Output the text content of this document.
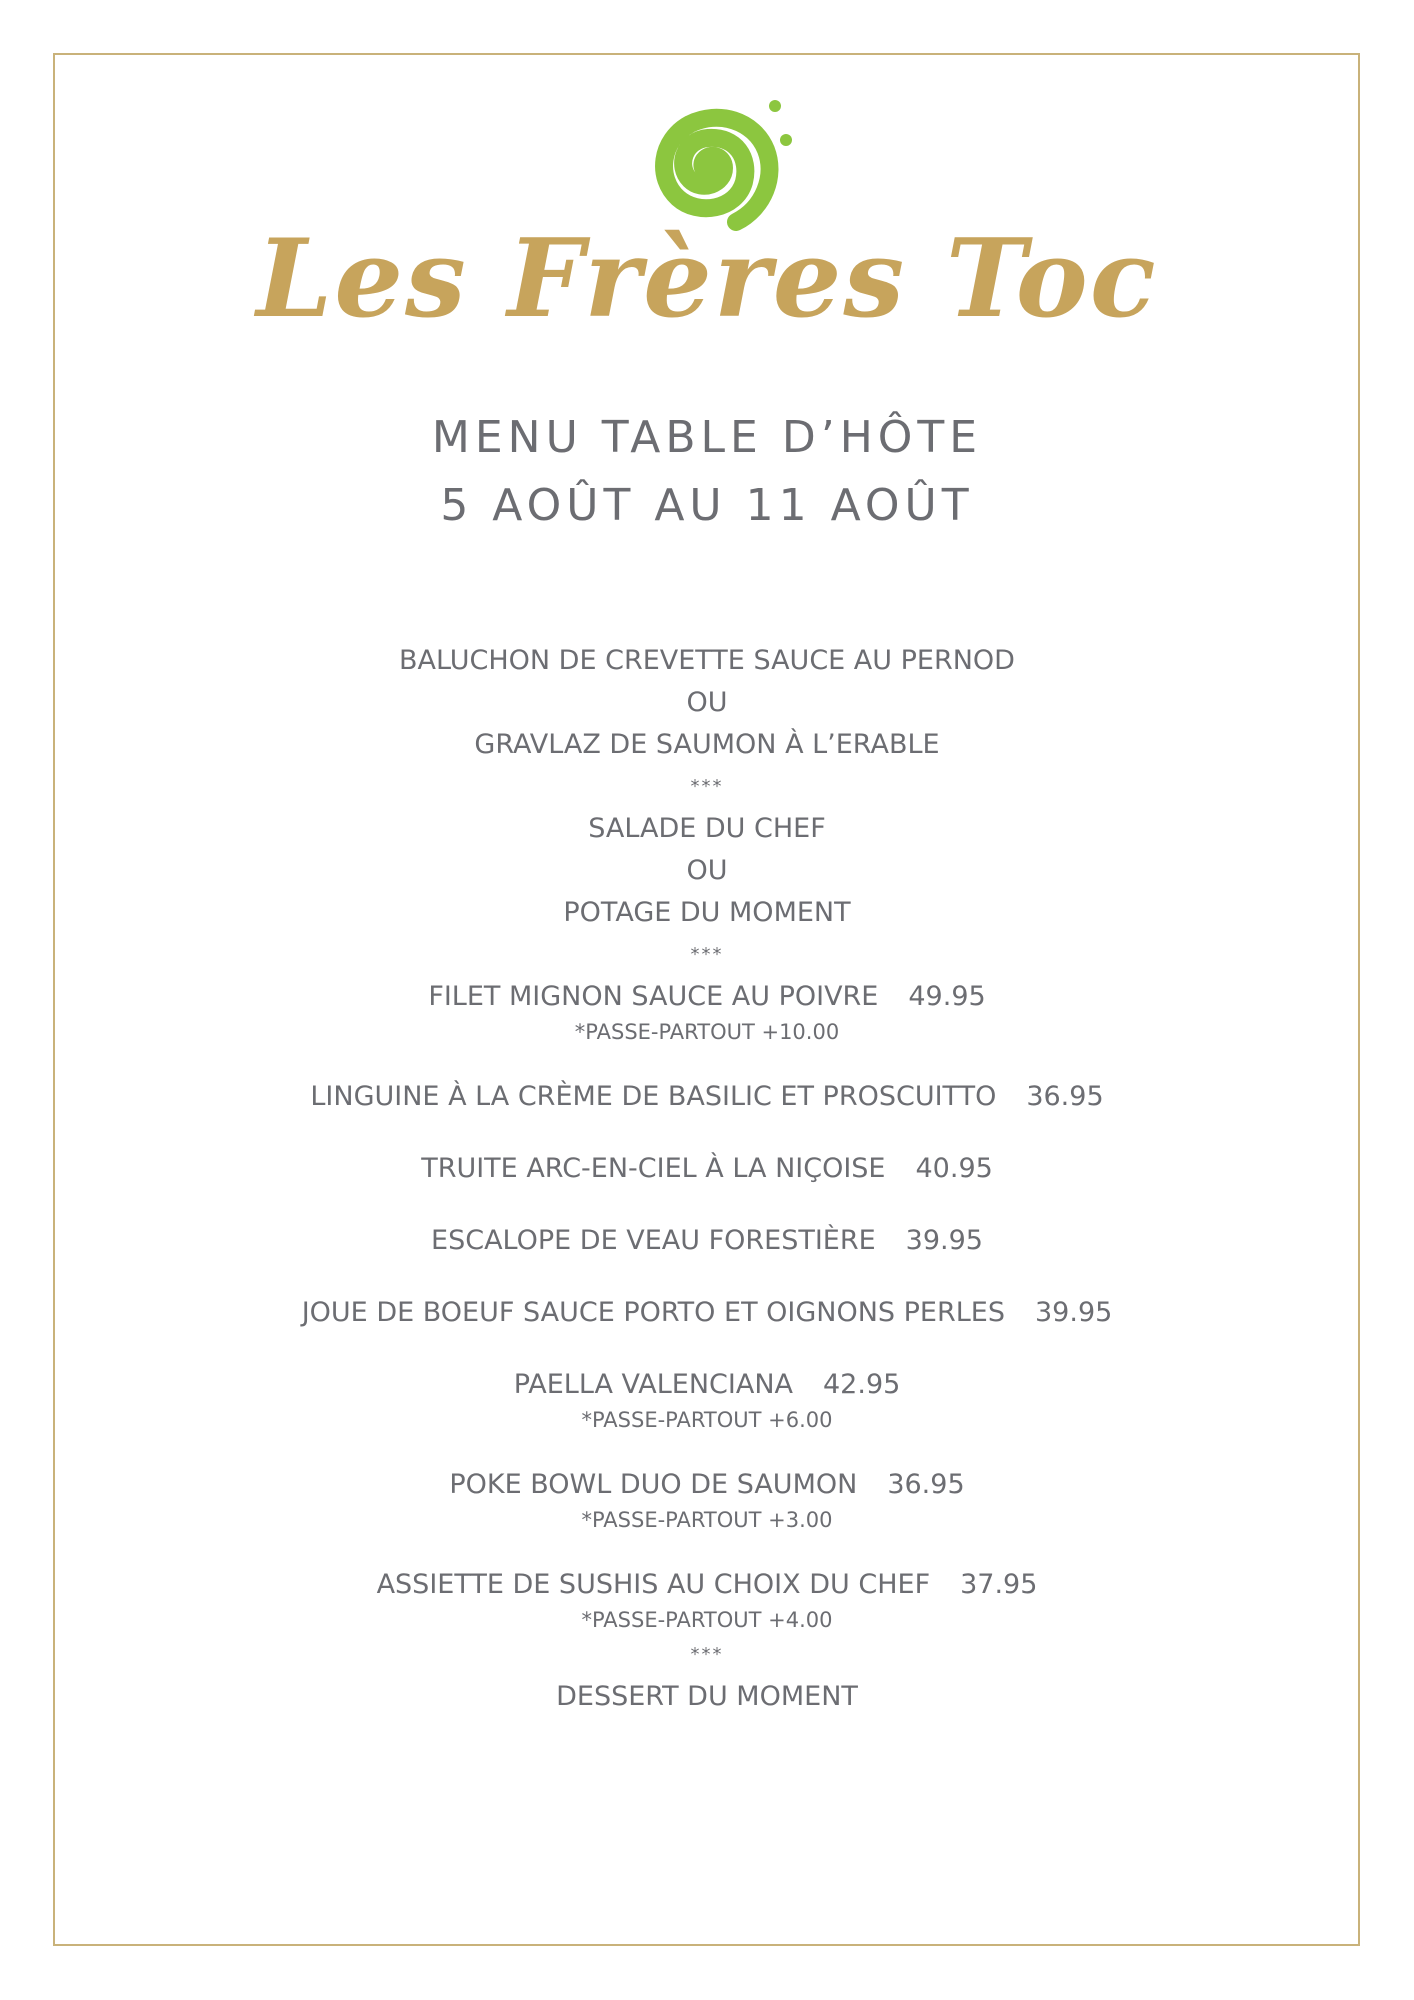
Les Frères Toc
MENU TABLE D’HÔTE
5 AOÛT AU 11 AOÛT
BALUCHON DE CREVETTE SAUCE AU PERNOD
OU
GRAVLAZ DE SAUMON À L’ERABLE
***
SALADE DU CHEF
OU
POTAGE DU MOMENT
***
FILET MIGNON SAUCE AU POIVRE 49.95
*PASSE-PARTOUT +10.00
LINGUINE À LA CRÈME DE BASILIC ET PROSCUITTO 36.95
TRUITE ARC-EN-CIEL À LA NIÇOISE 40.95
ESCALOPE DE VEAU FORESTIÈRE 39.95
JOUE DE BOEUF SAUCE PORTO ET OIGNONS PERLES 39.95
PAELLA VALENCIANA 42.95
*PASSE-PARTOUT +6.00
POKE BOWL DUO DE SAUMON 36.95
*PASSE-PARTOUT +3.00
ASSIETTE DE SUSHIS AU CHOIX DU CHEF 37.95
*PASSE-PARTOUT +4.00
***
DESSERT DU MOMENT
